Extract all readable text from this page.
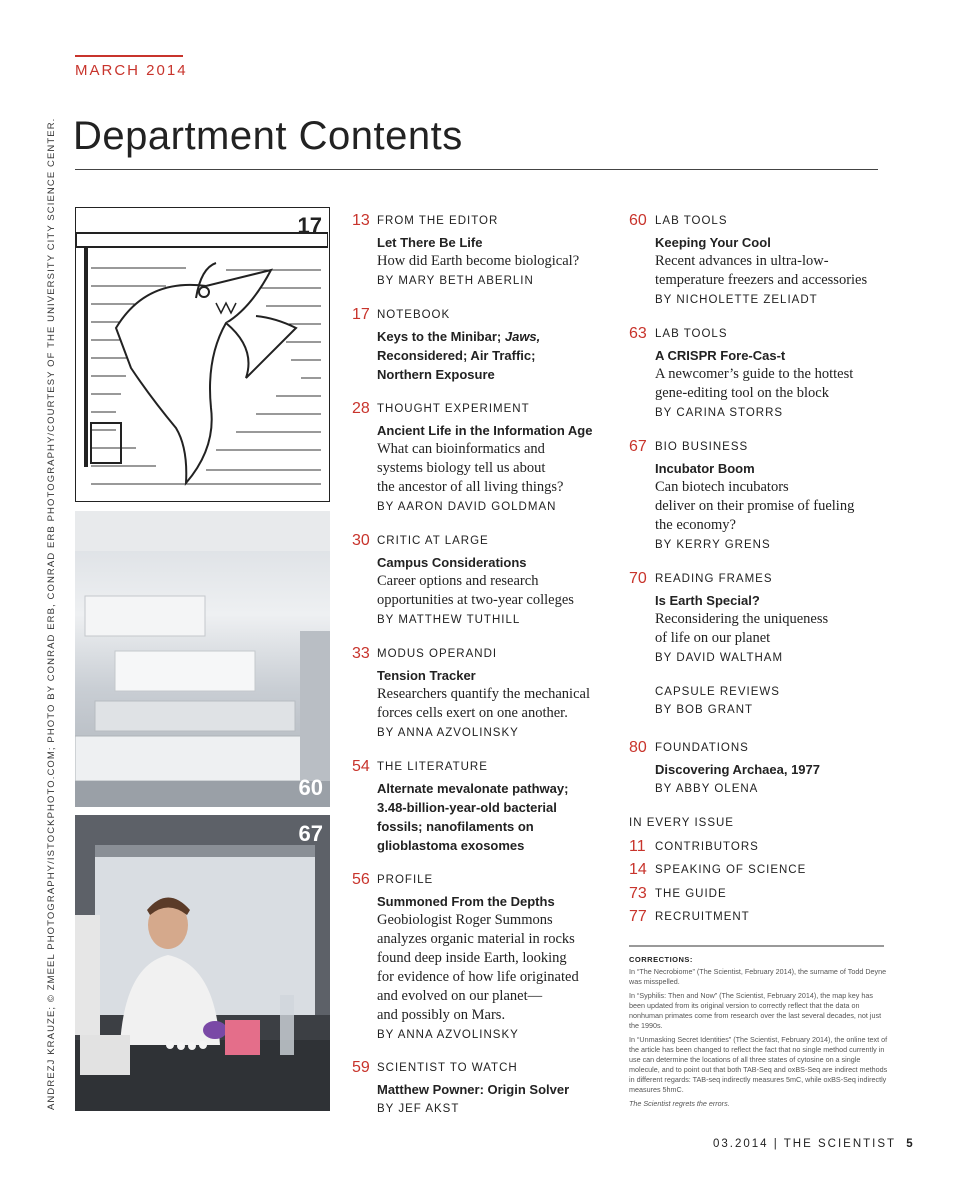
MARCH 2014
Department Contents
ANDREZJ KRAUZE; © ZMEEL PHOTOGRAPHY/ISTOCKPHOTO.COM; PHOTO BY CONRAD ERB, CONRAD ERB PHOTOGRAPHY/COURTESY OF THE UNIVERSITY CITY SCIENCE CENTER.	17
60
67
13 FROM THE EDITOR
Let There Be Life
How did Earth become biological?
BY MARY BETH ABERLIN
17 NOTEBOOK
Keys to the Minibar; Jaws,
Reconsidered; Air Traffic;
Northern Exposure
28 THOUGHT EXPERIMENT
Ancient Life in the Information Age
What can bioinformatics and
systems biology tell us about
the ancestor of all living things?
BY AARON DAVID GOLDMAN
30 CRITIC AT LARGE
Campus Considerations
Career options and research
opportunities at two-year colleges
BY MATTHEW TUTHILL
33 MODUS OPERANDI
Tension Tracker
Researchers quantify the mechanical
forces cells exert on one another.
BY ANNA AZVOLINSKY
54 THE LITERATURE
Alternate mevalonate pathway;
3.48-billion-year-old bacterial
fossils; nanofilaments on
glioblastoma exosomes
56 PROFILE
Summoned From the Depths
Geobiologist Roger Summons
analyzes organic material in rocks
found deep inside Earth, looking
for evidence of how life originated
and evolved on our planet—
and possibly on Mars.
BY ANNA AZVOLINSKY
59 SCIENTIST TO WATCH
Matthew Powner: Origin Solver
BY JEF AKST
60 LAB TOOLS
Keeping Your Cool
Recent advances in ultra-low-
temperature freezers and accessories
BY NICHOLETTE ZELIADT
63 LAB TOOLS
A CRISPR Fore-Cas-t
A newcomer’s guide to the hottest
gene-editing tool on the block
BY CARINA STORRS
67 BIO BUSINESS
Incubator Boom
Can biotech incubators
deliver on their promise of fueling
the economy?
BY KERRY GRENS
70 READING FRAMES
Is Earth Special?
Reconsidering the uniqueness
of life on our planet
BY DAVID WALTHAM
CAPSULE REVIEWS
BY BOB GRANT
80 FOUNDATIONS
Discovering Archaea, 1977
BY ABBY OLENA
IN EVERY ISSUE
11 CONTRIBUTORS
14 SPEAKING OF SCIENCE
73 THE GUIDE
77 RECRUITMENT
CORRECTIONS:

In “The Necrobiome” (The Scientist, February 2014), the surname of Todd Deyne was misspelled.

In “Syphilis: Then and Now” (The Scientist, February 2014), the map key has been updated from its original version to correctly reflect that the data on nonhuman primates come from research over the last several decades, not just the 1990s.

In “Unmasking Secret Identities” (The Scientist, February 2014), the online text of the article has been changed to reflect the fact that no single method currently in use can determine the locations of all three states of cytosine on a single molecule, and to point out that both TAB-Seq and oxBS-Seq are indirect methods in different regards: TAB-seq indirectly measures 5mC, while oxBS-Seq indirectly measures 5hmC.

The Scientist regrets the errors.

03.2014 | THE SCIENTIST 5
